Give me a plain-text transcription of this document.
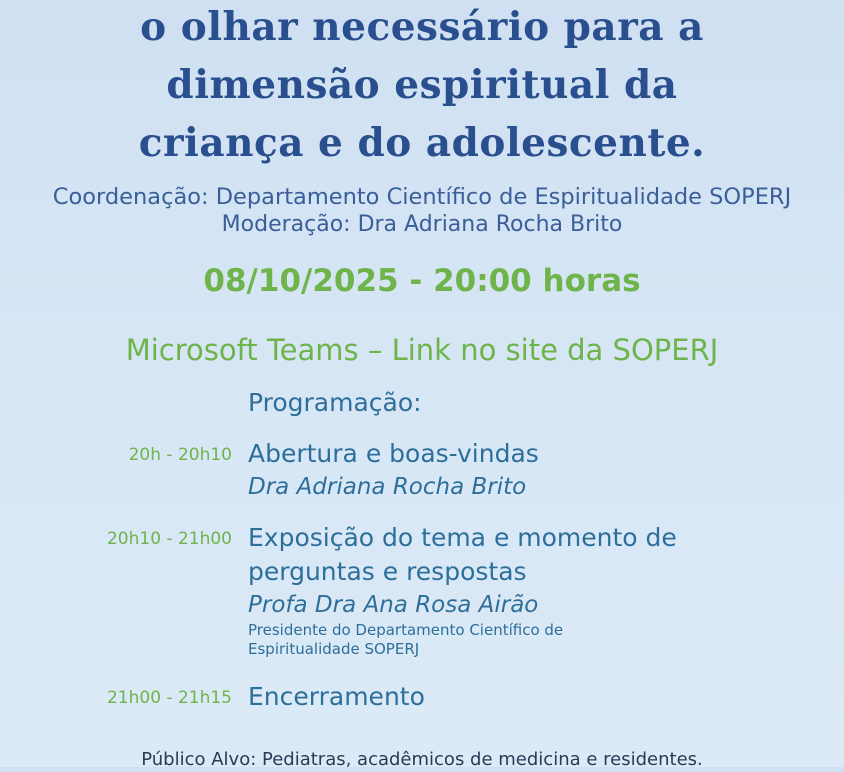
o olhar necessário para a
dimensão espiritual da
criança e do adolescente.
Coordenação: Departamento Científico de Espiritualidade SOPERJ
Moderação: Dra Adriana Rocha Brito
08/10/2025 - 20:00 horas
Microsoft Teams – Link no site da SOPERJ
Programação:
20h - 20h10 Abertura e boas-vindas
Dra Adriana Rocha Brito
20h10 - 21h00 Exposição do tema e momento de perguntas e respostas
Profa Dra Ana Rosa Airão
Presidente do Departamento Científico de Espiritualidade SOPERJ
21h00 - 21h15 Encerramento
Público Alvo: Pediatras, acadêmicos de medicina e residentes.
